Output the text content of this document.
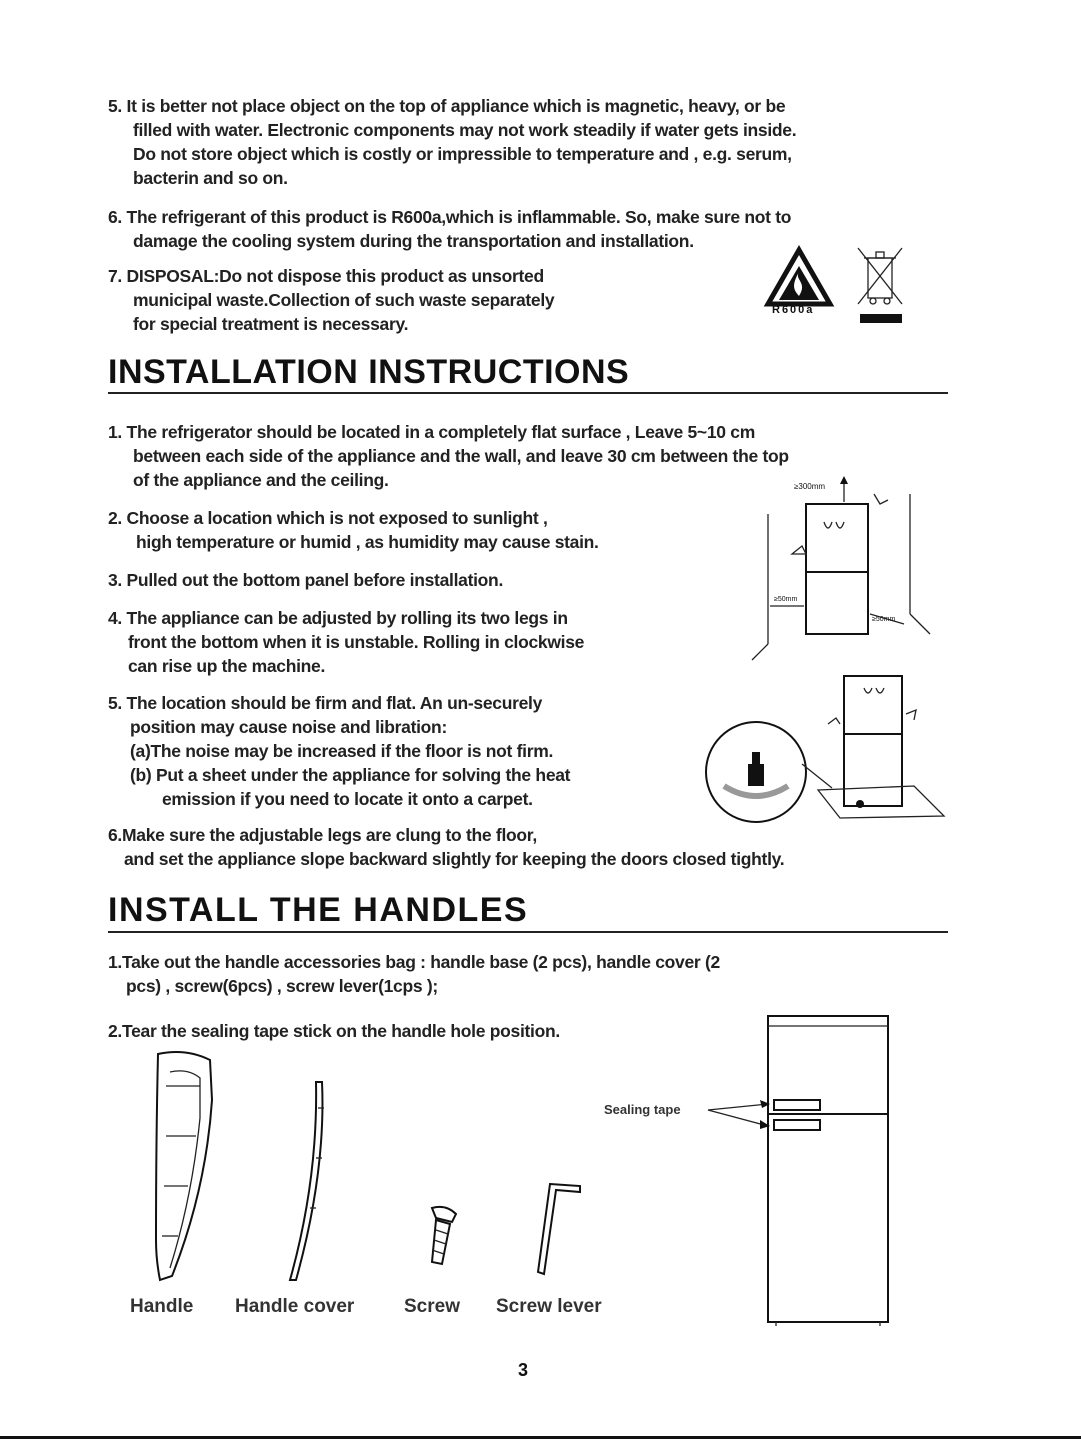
5. It is better not place object on the top of appliance which is magnetic, heavy, or be
filled with water. Electronic components may not work steadily if water gets inside.
Do not store object which is costly or impressible to temperature and , e.g. serum,
bacterin and so on.
6. The refrigerant of this product is R600a,which is inflammable. So, make sure not to
damage the cooling system during the transportation and installation.
7. DISPOSAL:Do not dispose this product as unsorted
municipal waste.Collection of such waste separately
for special treatment is necessary.
R600a
INSTALLATION INSTRUCTIONS
1. The refrigerator should be located in a completely flat surface , Leave 5~10 cm
between each side of the appliance and the wall, and leave 30 cm between the top
of the appliance and the ceiling.
2. Choose a location which is not exposed to sunlight ,
high temperature or humid , as humidity may cause stain.
3. Pulled out the bottom panel before installation.
4. The appliance can be adjusted by rolling its two legs in
front the bottom when it is unstable. Rolling in clockwise
can rise up the machine.
5. The location should be firm and flat. An un-securely
position may cause noise and libration:
(a)The noise may be increased if the floor is not firm.
(b) Put a sheet under the appliance for solving the heat
emission if you need to locate it onto a carpet.
6.Make sure the adjustable legs are clung to the floor,
and set the appliance slope backward slightly for keeping the doors closed tightly.
≥300mm
≥50mm
≥50mm
INSTALL THE HANDLES
1.Take out the handle accessories bag : handle base (2 pcs), handle cover (2
pcs) , screw(6pcs) , screw lever(1cps );
2.Tear the sealing tape stick on the handle hole position.
Handle Handle cover	Screw Screw lever
Sealing tape
3
